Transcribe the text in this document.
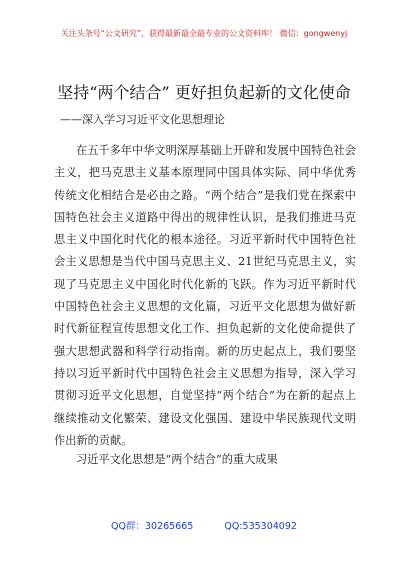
关注头条号“公文研究”，获得最新最全最专业的公文资料库！ 微信：gongwenyj
坚持“两个结合” 更好担负起新的文化使命
——深入学习习近平文化思想理论

在五千多年中华文明深厚基础上开辟和发展中国特色社会主义，把马克思主义基本原理同中国具体实际、同中华优秀传统文化相结合是必由之路。“两个结合”是我们党在探索中国特色社会主义道路中得出的规律性认识，是我们推进马克思主义中国化时代化的根本途径。习近平新时代中国特色社会主义思想是当代中国马克思主义、21世纪马克思主义，实现了马克思主义中国化时代化新的飞跃。作为习近平新时代中国特色社会主义思想的文化篇，习近平文化思想为做好新时代新征程宣传思想文化工作、担负起新的文化使命提供了强大思想武器和科学行动指南。新的历史起点上，我们要坚持以习近平新时代中国特色社会主义思想为指导，深入学习贯彻习近平文化思想，自觉坚持“两个结合”为在新的起点上继续推动文化繁荣、建设文化强国、建设中华民族现代文明作出新的贡献。

习近平文化思想是“两个结合”的重大成果
QQ群：30265665	QQ:535304092
